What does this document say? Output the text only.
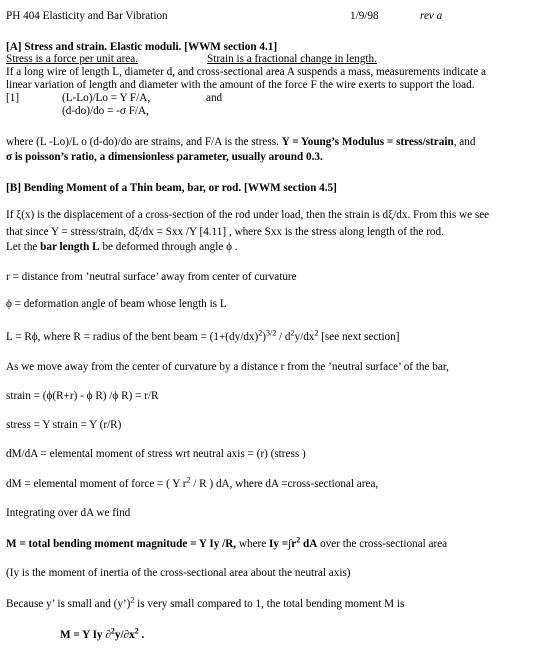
PH 404 Elasticity and Bar Vibration	1/9/98	rev a
[A] Stress and strain. Elastic moduli. [WWM section 4.1]
Stress is a force per unit area.	Strain is a fractional change in length.
If a long wire of length L, diameter d, and cross-sectional area A suspends a mass, measurements indicate a
linear variation of length and diameter with the amount of the force F the wire exerts to support the load.
[1]	(L-Lo)/Lo = Y F/A,	and
(d-do)/do = -σ F/A,
where (L -Lo)/L o (d-do)/do are strains, and F/A is the stress. Y = Young’s Modulus = stress/strain, and
σ is poisson’s ratio, a dimensionless parameter, usually around 0.3.
[B] Bending Moment of a Thin beam, bar, or rod. [WWM section 4.5]
If ξ(x) is the displacement of a cross-section of the rod under load, then the strain is dξ/dx. From this we see
that since Y = stress/strain, dξ/dx = Sxx /Y [4.11] , where Sxx is the stress along length of the rod.
Let the bar length L be deformed through angle ϕ .
r = distance from ’neutral surface’ away from center of curvature
ϕ = deformation angle of beam whose length is L
L = Rϕ, where R = radius of the bent beam = $(1+(dy/dx)^2)^{3/2} / d^2y/dx^2$ [see next section]
As we move away from the center of curvature by a distance r from the ’neutral surface’ of the bar,
strain = (ϕ(R+r) - ϕ R) /ϕ R) = r/R
stress = Y strain = Y (r/R)
dM/dA = elemental moment of stress wrt neutral axis = (r) (stress )
dM = elemental moment of force = ( Y $r^2$ / R ) dA, where dA =cross-sectional area,
Integrating over dA we find
M = total bending moment magnitude = Y Iy /R, where $Iy =\int r^2$ dA over the cross-sectional area
(Iy is the moment of inertia of the cross-sectional area about the neutral axis)
Because y’ is small and (y’)$^2$ is very small compared to 1, the total bending moment M is
M = Y Iy $\partial^2y/\partial x^2$ .
